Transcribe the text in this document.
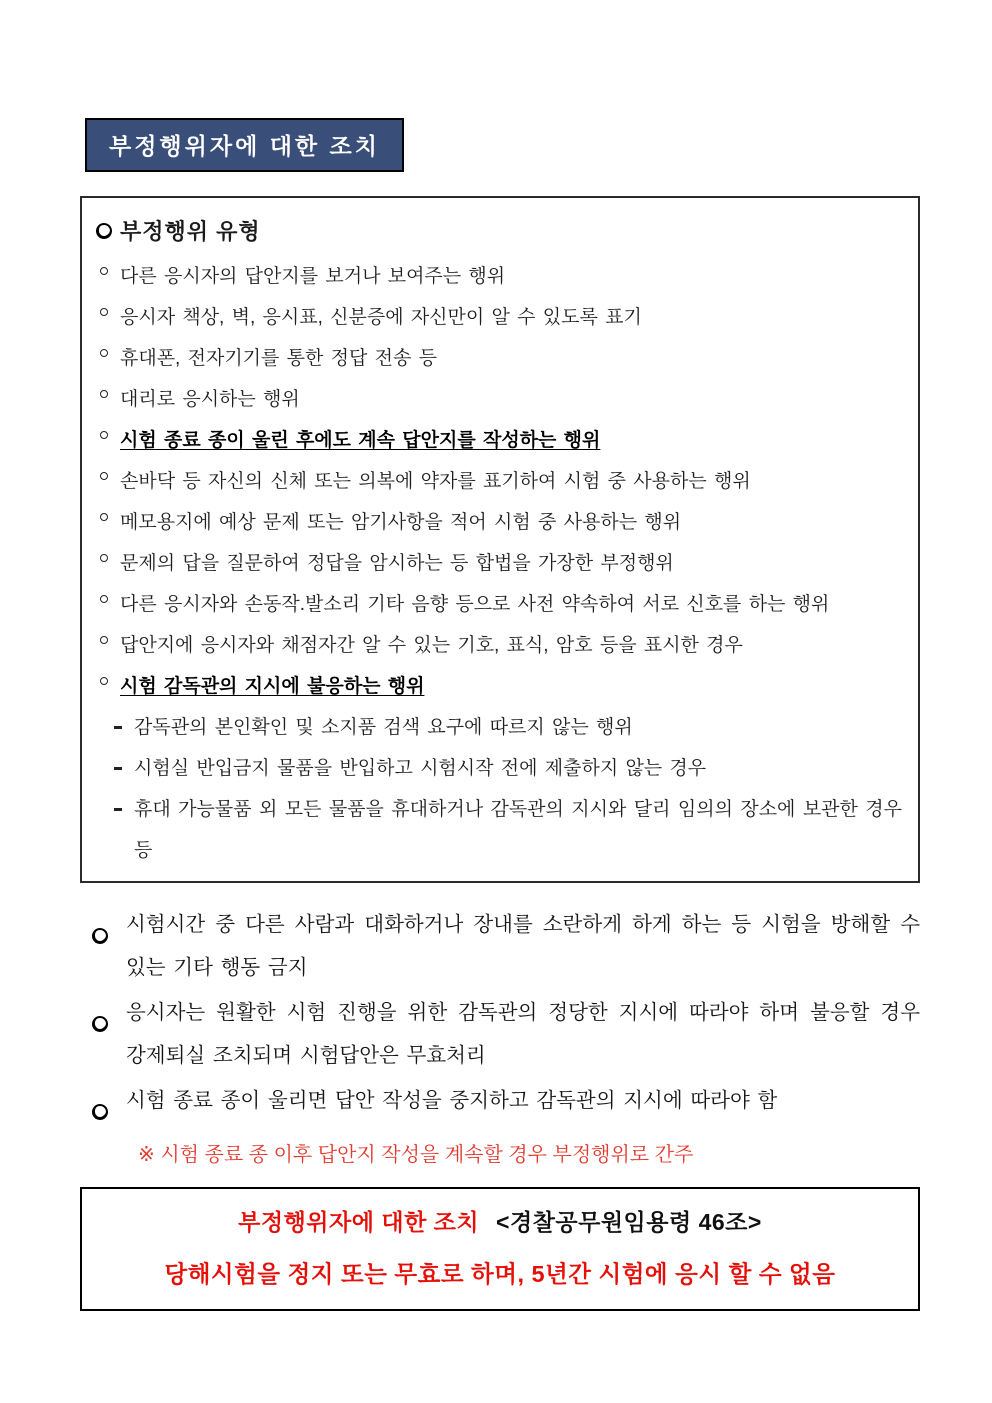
부정행위자에 대한 조치
부정행위 유형
다른 응시자의 답안지를 보거나 보여주는 행위
응시자 책상, 벽, 응시표, 신분증에 자신만이 알 수 있도록 표기
휴대폰, 전자기기를 통한 정답 전송 등
대리로 응시하는 행위
시험 종료 종이 울린 후에도 계속 답안지를 작성하는 행위
손바닥 등 자신의 신체 또는 의복에 약자를 표기하여 시험 중 사용하는 행위
메모용지에 예상 문제 또는 암기사항을 적어 시험 중 사용하는 행위
문제의 답을 질문하여 정답을 암시하는 등 합법을 가장한 부정행위
다른 응시자와 손동작.발소리 기타 음향 등으로 사전 약속하여 서로 신호를 하는 행위
답안지에 응시자와 채점자간 알 수 있는 기호, 표식, 암호 등을 표시한 경우
시험 감독관의 지시에 불응하는 행위
감독관의 본인확인 및 소지품 검색 요구에 따르지 않는 행위
시험실 반입금지 물품을 반입하고 시험시작 전에 제출하지 않는 경우
휴대 가능물품 외 모든 물품을 휴대하거나 감독관의 지시와 달리 임의의 장소에 보관한 경우 등
시험시간 중 다른 사람과 대화하거나 장내를 소란하게 하게 하는 등 시험을 방해할 수 있는 기타 행동 금지
응시자는 원활한 시험 진행을 위한 감독관의 정당한 지시에 따라야 하며 불응할 경우 강제퇴실 조치되며 시험답안은 무효처리
시험 종료 종이 울리면 답안 작성을 중지하고 감독관의 지시에 따라야 함
※ 시험 종료 종 이후 답안지 작성을 계속할 경우 부정행위로 간주
부정행위자에 대한 조치 <경찰공무원임용령 46조>
당해시험을 정지 또는 무효로 하며, 5년간 시험에 응시 할 수 없음
